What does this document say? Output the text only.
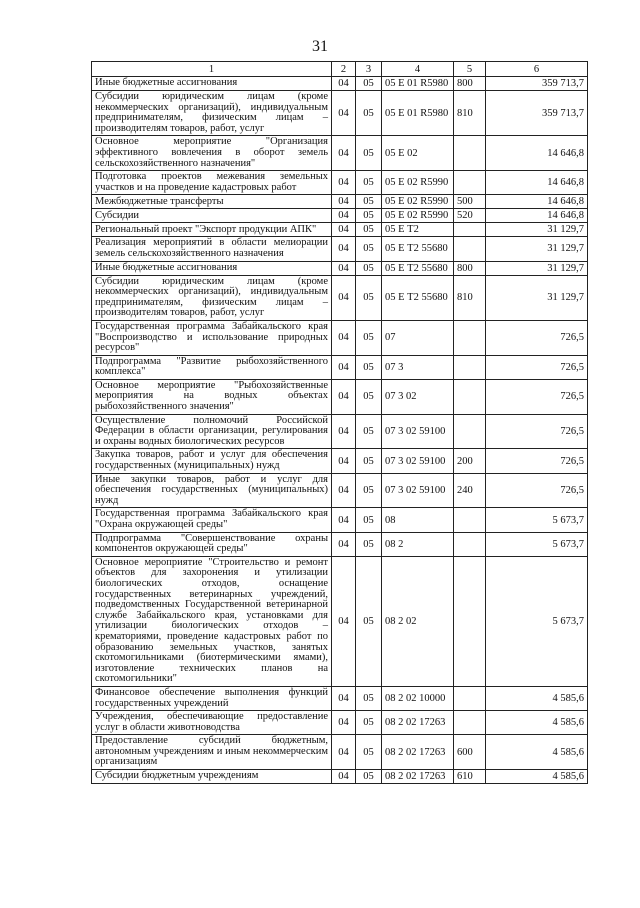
31
1	2	3	4	5	6
Иные бюджетные ассигнования	04	05	05 Е 01 R5980	800	359 713,7
Субсидии юридическим лицам (кроме некоммерческих организаций), индивидуальным предпринимателям, физическим лицам – производителям товаров, работ, услуг	04	05	05 Е 01 R5980	810	359 713,7
Основное мероприятие "Организация эффективного вовлечения в оборот земель сельскохозяйственного назначения"	04	05	05 Е 02		14 646,8
Подготовка проектов межевания земельных участков и на проведение кадастровых работ	04	05	05 Е 02 R5990		14 646,8
Межбюджетные трансферты	04	05	05 Е 02 R5990	500	14 646,8
Субсидии	04	05	05 Е 02 R5990	520	14 646,8
Региональный проект "Экспорт продукции АПК"	04	05	05 Е Т2		31 129,7
Реализация мероприятий в области мелиорации земель сельскохозяйственного назначения	04	05	05 Е Т2 55680		31 129,7
Иные бюджетные ассигнования	04	05	05 Е Т2 55680	800	31 129,7
Субсидии юридическим лицам (кроме некоммерческих организаций), индивидуальным предпринимателям, физическим лицам – производителям товаров, работ, услуг	04	05	05 Е Т2 55680	810	31 129,7
Государственная программа Забайкальского края "Воспроизводство и использование природных ресурсов"	04	05	07		726,5
Подпрограмма "Развитие рыбохозяйственного комплекса"	04	05	07 3		726,5
Основное мероприятие "Рыбохозяйственные мероприятия на водных объектах рыбохозяйственного значения"	04	05	07 3 02		726,5
Осуществление полномочий Российской Федерации в области организации, регулирования и охраны водных биологических ресурсов	04	05	07 3 02 59100		726,5
Закупка товаров, работ и услуг для обеспечения государственных (муниципальных) нужд	04	05	07 3 02 59100	200	726,5
Иные закупки товаров, работ и услуг для обеспечения государственных (муниципальных) нужд	04	05	07 3 02 59100	240	726,5
Государственная программа Забайкальского края "Охрана окружающей среды"	04	05	08		5 673,7
Подпрограмма "Совершенствование охраны компонентов окружающей среды"	04	05	08 2		5 673,7
Основное мероприятие "Строительство и ремонт объектов для захоронения и утилизации биологических отходов, оснащение государственных ветеринарных учреждений, подведомственных Государственной ветеринарной службе Забайкальского края, установками для утилизации биологических отходов – крематориями, проведение кадастровых работ по образованию земельных участков, занятых скотомогильниками (биотермическими ямами), изготовление технических планов на скотомогильники"	04	05	08 2 02		5 673,7
Финансовое обеспечение выполнения функций государственных учреждений	04	05	08 2 02 10000		4 585,6
Учреждения, обеспечивающие предоставление услуг в области животноводства	04	05	08 2 02 17263		4 585,6
Предоставление субсидий бюджетным, автономным учреждениям и иным некоммерческим организациям	04	05	08 2 02 17263	600	4 585,6
Субсидии бюджетным учреждениям	04	05	08 2 02 17263	610	4 585,6
